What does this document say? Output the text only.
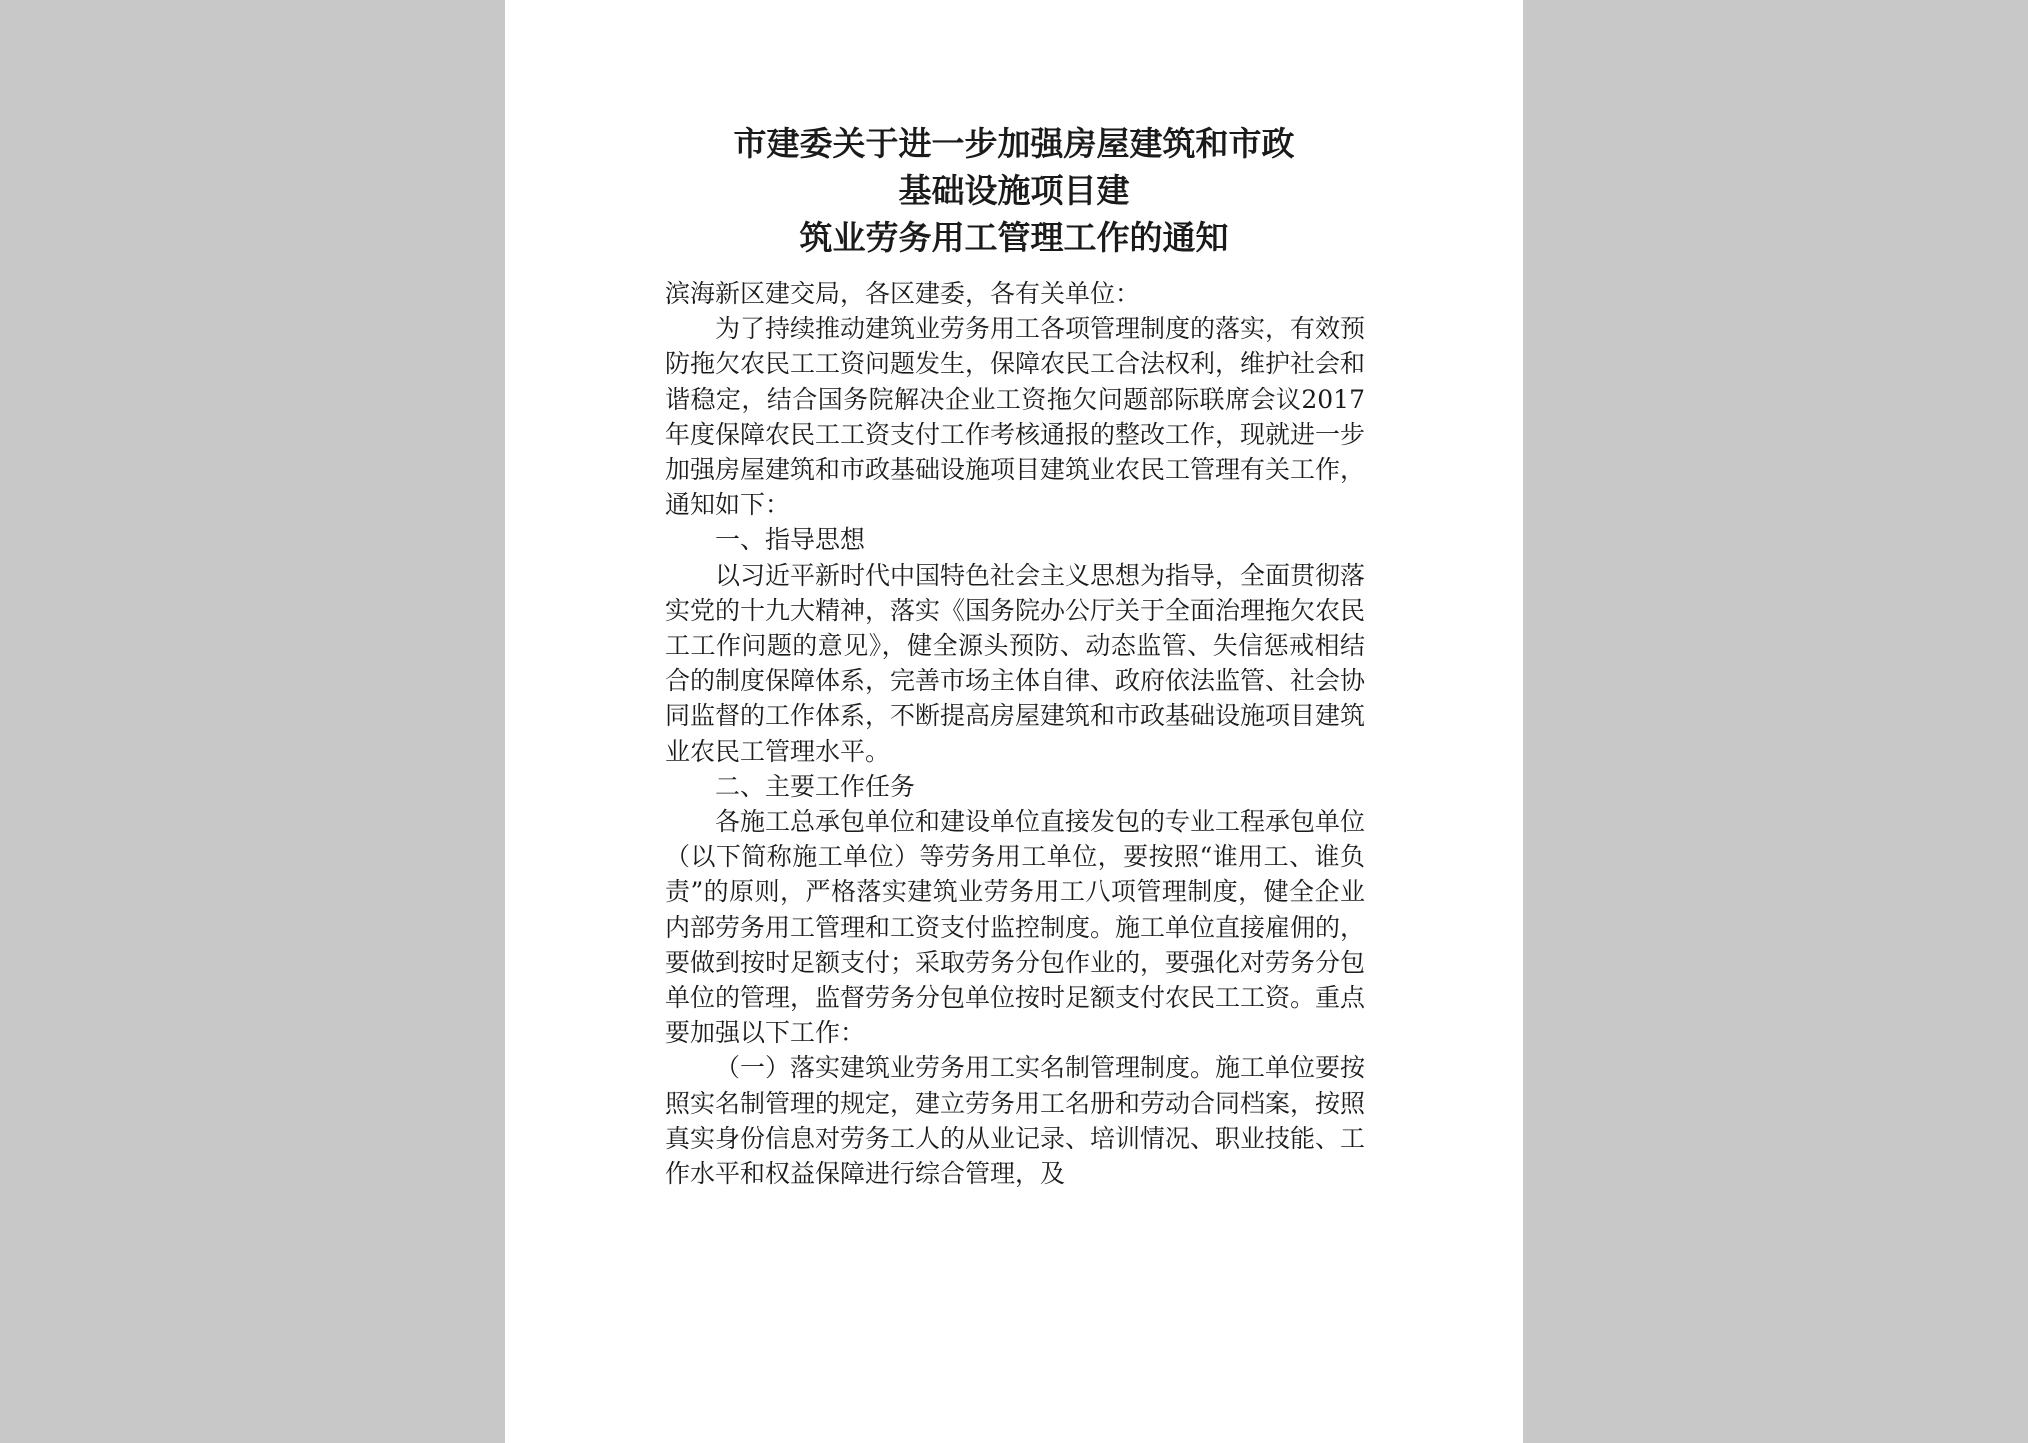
市建委关于进一步加强房屋建筑和市政
基础设施项目建
筑业劳务用工管理工作的通知

滨海新区建交局，各区建委，各有关单位：

为了持续推动建筑业劳务用工各项管理制度的落实，有效预防拖欠农民工工资问题发生，保障农民工合法权利，维护社会和谐稳定，结合国务院解决企业工资拖欠问题部际联席会议2017年度保障农民工工资支付工作考核通报的整改工作，现就进一步加强房屋建筑和市政基础设施项目建筑业农民工管理有关工作，通知如下：

一、指导思想

以习近平新时代中国特色社会主义思想为指导，全面贯彻落实党的十九大精神，落实《国务院办公厅关于全面治理拖欠农民工工作问题的意见》，健全源头预防、动态监管、失信惩戒相结合的制度保障体系，完善市场主体自律、政府依法监管、社会协同监督的工作体系，不断提高房屋建筑和市政基础设施项目建筑业农民工管理水平。

二、主要工作任务

各施工总承包单位和建设单位直接发包的专业工程承包单位（以下简称施工单位）等劳务用工单位，要按照“谁用工、谁负责”的原则，严格落实建筑业劳务用工八项管理制度，健全企业内部劳务用工管理和工资支付监控制度。施工单位直接雇佣的，要做到按时足额支付；采取劳务分包作业的，要强化对劳务分包单位的管理，监督劳务分包单位按时足额支付农民工工资。重点要加强以下工作：

（一）落实建筑业劳务用工实名制管理制度。施工单位要按照实名制管理的规定，建立劳务用工名册和劳动合同档案，按照真实身份信息对劳务工人的从业记录、培训情况、职业技能、工作水平和权益保障进行综合管理，及
